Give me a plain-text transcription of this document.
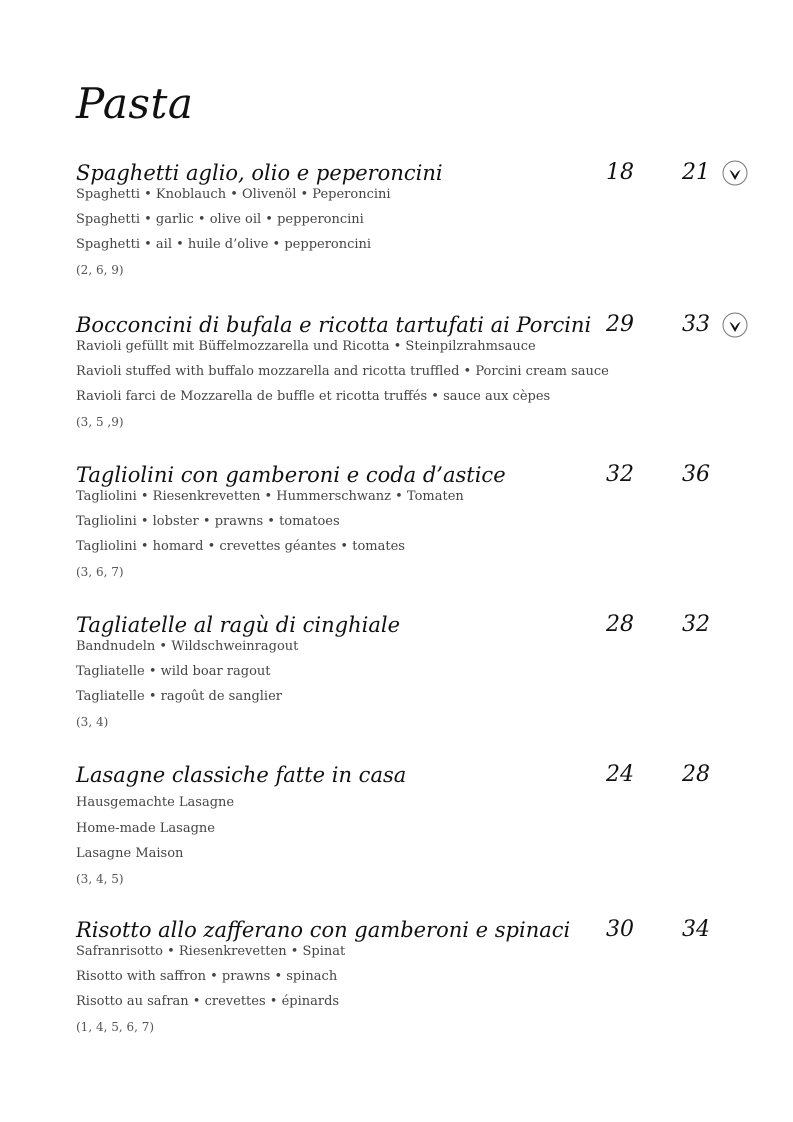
Pasta
Spaghetti aglio, olio e peperoncini	18 21
Spaghetti • Knoblauch • Olivenöl • Peperoncini
Spaghetti • garlic • olive oil • pepperoncini
Spaghetti • ail • huile d’olive • pepperoncini
(2, 6, 9)
Bocconcini di bufala e ricotta tartufati ai Porcini 29 33
Ravioli gefüllt mit Büffelmozzarella und Ricotta • Steinpilzrahmsauce
Ravioli stuffed with buffalo mozzarella and ricotta truffled • Porcini cream sauce
Ravioli farci de Mozzarella de buffle et ricotta truffés • sauce aux cèpes
(3, 5 ,9)
Tagliolini con gamberoni e coda d’astice	32 36
Tagliolini • Riesenkrevetten • Hummerschwanz • Tomaten
Tagliolini • lobster • prawns • tomatoes
Tagliolini • homard • crevettes géantes • tomates
(3, 6, 7)
Tagliatelle al ragù di cinghiale	28 32
Bandnudeln • Wildschweinragout
Tagliatelle • wild boar ragout
Tagliatelle • ragoût de sanglier
(3, 4)
Lasagne classiche fatte in casa	24 28
Hausgemachte Lasagne
Home-made Lasagne
Lasagne Maison
(3, 4, 5)
Risotto allo zafferano con gamberoni e spinaci	30 34
Safranrisotto • Riesenkrevetten • Spinat
Risotto with saffron • prawns • spinach
Risotto au safran • crevettes • épinards
(1, 4, 5, 6, 7)
